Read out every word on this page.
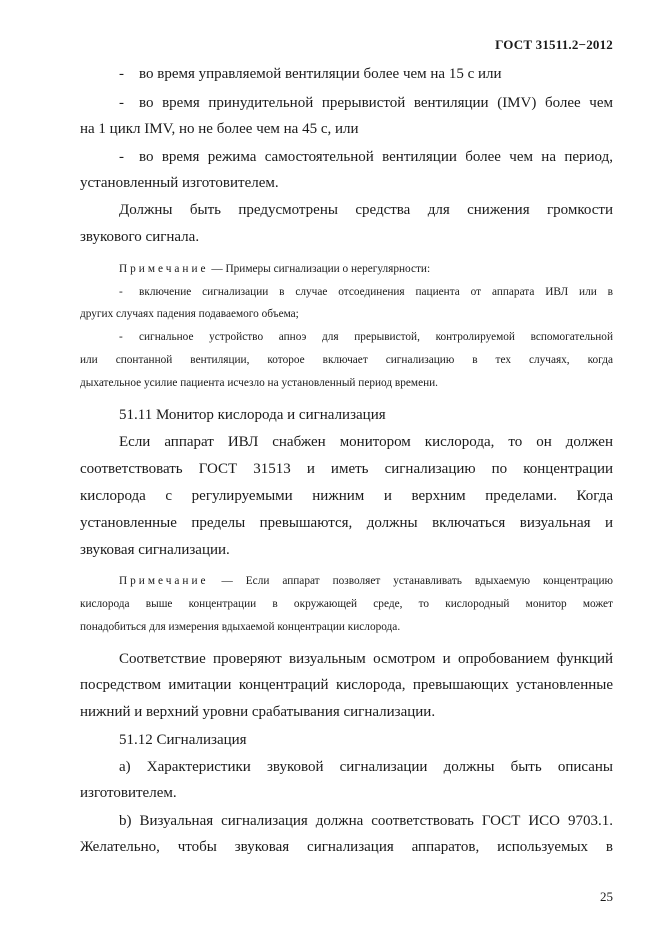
ГОСТ 31511.2−2012
- во время управляемой вентиляции более чем на 15 с или
- во время принудительной прерывистой вентиляции (IMV) более чем
на 1 цикл IMV, но не более чем на 45 с, или
- во время режима самостоятельной вентиляции более чем на период,
установленный изготовителем.
Должны быть предусмотрены средства для снижения громкости
звукового сигнала.
Примечание — Примеры сигнализации о нерегулярности:
- включение сигнализации в случае отсоединения пациента от аппарата ИВЛ или в
других случаях падения подаваемого объема;
- сигнальное устройство апноэ для прерывистой, контролируемой вспомогательной
или спонтанной вентиляции, которое включает сигнализацию в тех случаях, когда
дыхательное усилие пациента исчезло на установленный период времени.
51.11 Монитор кислорода и сигнализация
Если аппарат ИВЛ снабжен монитором кислорода, то он должен
соответствовать ГОСТ 31513 и иметь сигнализацию по концентрации
кислорода с регулируемыми нижним и верхним пределами. Когда
установленные пределы превышаются, должны включаться визуальная и
звуковая сигнализации.
Примечание — Если аппарат позволяет устанавливать вдыхаемую концентрацию
кислорода выше концентрации в окружающей среде, то кислородный монитор может
понадобиться для измерения вдыхаемой концентрации кислорода.
Соответствие проверяют визуальным осмотром и опробованием функций
посредством имитации концентраций кислорода, превышающих установленные
нижний и верхний уровни срабатывания сигнализации.
51.12 Сигнализация
а) Характеристики звуковой сигнализации должны быть описаны
изготовителем.
b) Визуальная сигнализация должна соответствовать ГОСТ ИСО 9703.1.
Желательно, чтобы звуковая сигнализация аппаратов, используемых в
25
